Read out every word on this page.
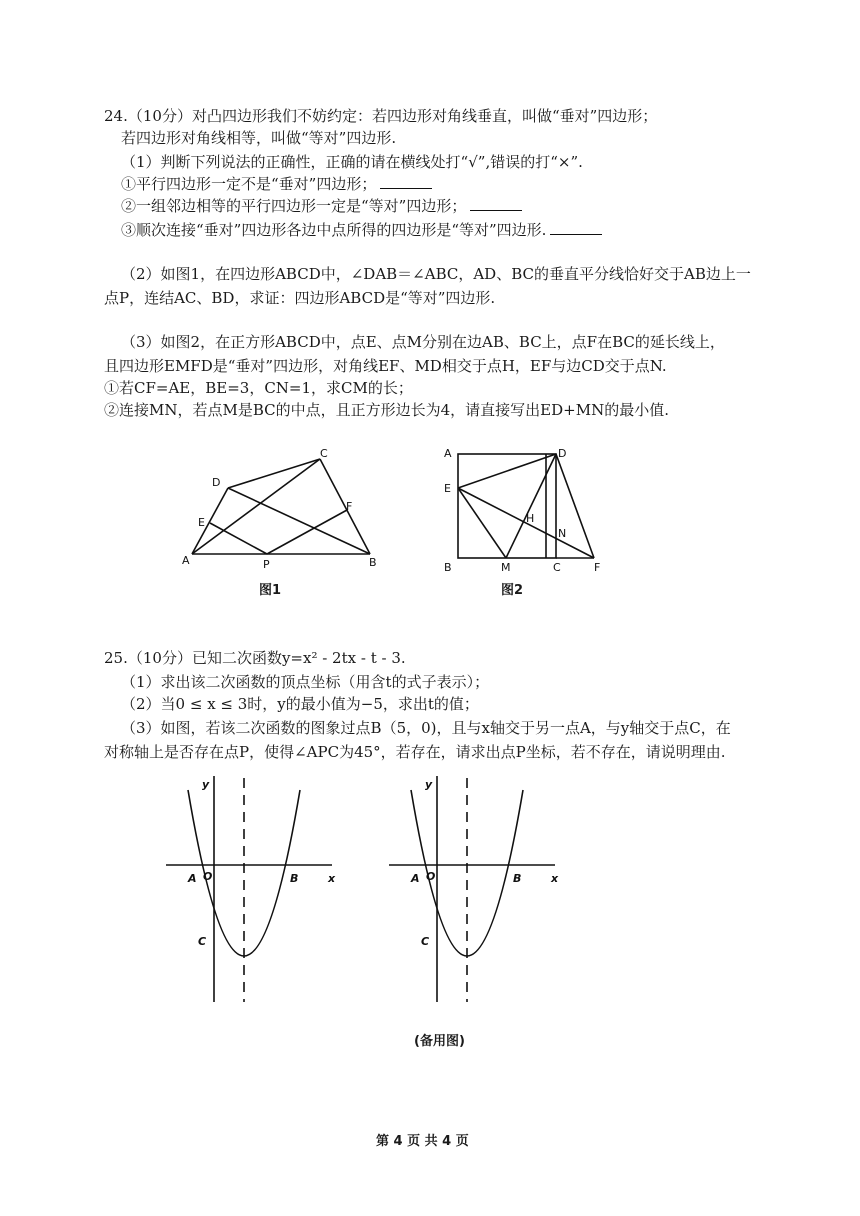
24.（10分）对凸四边形我们不妨约定：若四边形对角线垂直，叫做“垂对”四边形；
若四边形对角线相等，叫做“等对”四边形.
（1）判断下列说法的正确性，正确的请在横线处打“√”,错误的打“×”.
①平行四边形一定不是“垂对”四边形；
②一组邻边相等的平行四边形一定是“等对”四边形；
③顺次连接“垂对”四边形各边中点所得的四边形是“等对”四边形.
（2）如图1，在四边形ABCD中，∠DAB＝∠ABC，AD、BC的垂直平分线恰好交于AB边上一
点P，连结AC、BD，求证：四边形ABCD是“等对”四边形.
（3）如图2，在正方形ABCD中，点E、点M分别在边AB、BC上，点F在BC的延长线上，
且四边形EMFD是“垂对”四边形，对角线EF、MD相交于点H，EF与边CD交于点N.
①若CF=AE，BE=3，CN=1，求CM的长；
②连接MN，若点M是BC的中点，且正方形边长为4，请直接写出ED+MN的最小值.
A	B
C
D
E
F
P
图1
A
B	C
D
E
F
H
M
N
图2
25.（10分）已知二次函数y=x² - 2tx - t - 3.
（1）求出该二次函数的顶点坐标（用含t的式子表示）；
（2）当0 ≤ x ≤ 3时，y的最小值为−5，求出t的值；
（3）如图，若该二次函数的图象过点B（5，0)，且与x轴交于另一点A，与y轴交于点C，在
对称轴上是否存在点P，使得∠APC为45°，若存在，请求出点P坐标，若不存在，请说明理由.
y
x
A O	B
C
y
x
A O	B
C
(备用图)
第 4 页 共 4 页
